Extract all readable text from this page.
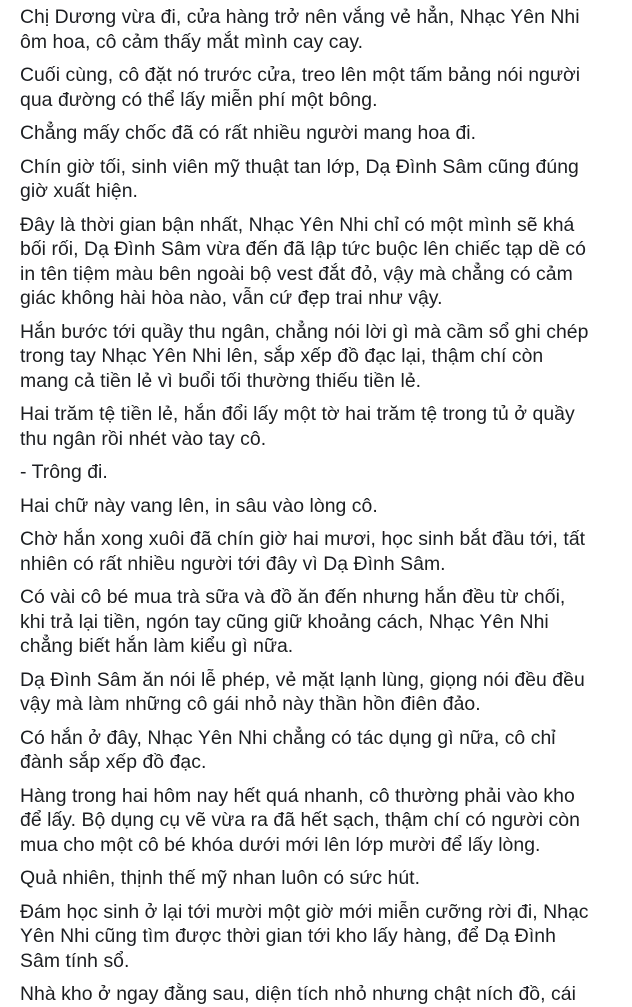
Chị Dương vừa đi, cửa hàng trở nên vắng vẻ hẳn, Nhạc Yên Nhi
ôm hoa, cô cảm thấy mắt mình cay cay.

Cuối cùng, cô đặt nó trước cửa, treo lên một tấm bảng nói người
qua đường có thể lấy miễn phí một bông.

Chẳng mấy chốc đã có rất nhiều người mang hoa đi.

Chín giờ tối, sinh viên mỹ thuật tan lớp, Dạ Đình Sâm cũng đúng
giờ xuất hiện.

Đây là thời gian bận nhất, Nhạc Yên Nhi chỉ có một mình sẽ khá
bối rối, Dạ Đình Sâm vừa đến đã lập tức buộc lên chiếc tạp dề có
in tên tiệm màu bên ngoài bộ vest đắt đỏ, vậy mà chẳng có cảm
giác không hài hòa nào, vẫn cứ đẹp trai như vậy.

Hắn bước tới quầy thu ngân, chẳng nói lời gì mà cầm sổ ghi chép
trong tay Nhạc Yên Nhi lên, sắp xếp đồ đạc lại, thậm chí còn
mang cả tiền lẻ vì buổi tối thường thiếu tiền lẻ.

Hai trăm tệ tiền lẻ, hắn đổi lấy một tờ hai trăm tệ trong tủ ở quầy
thu ngân rồi nhét vào tay cô.

- Trông đi.

Hai chữ này vang lên, in sâu vào lòng cô.

Chờ hắn xong xuôi đã chín giờ hai mươi, học sinh bắt đầu tới, tất
nhiên có rất nhiều người tới đây vì Dạ Đình Sâm.

Có vài cô bé mua trà sữa và đồ ăn đến nhưng hắn đều từ chối,
khi trả lại tiền, ngón tay cũng giữ khoảng cách, Nhạc Yên Nhi
chẳng biết hắn làm kiểu gì nữa.

Dạ Đình Sâm ăn nói lễ phép, vẻ mặt lạnh lùng, giọng nói đều đều
vậy mà làm những cô gái nhỏ này thần hồn điên đảo.

Có hắn ở đây, Nhạc Yên Nhi chẳng có tác dụng gì nữa, cô chỉ
đành sắp xếp đồ đạc.

Hàng trong hai hôm nay hết quá nhanh, cô thường phải vào kho
để lấy. Bộ dụng cụ vẽ vừa ra đã hết sạch, thậm chí có người còn
mua cho một cô bé khóa dưới mới lên lớp mười để lấy lòng.

Quả nhiên, thịnh thế mỹ nhan luôn có sức hút.

Đám học sinh ở lại tới mười một giờ mới miễn cưỡng rời đi, Nhạc
Yên Nhi cũng tìm được thời gian tới kho lấy hàng, để Dạ Đình
Sâm tính sổ.

Nhà kho ở ngay đằng sau, diện tích nhỏ nhưng chật ních đồ, cái
